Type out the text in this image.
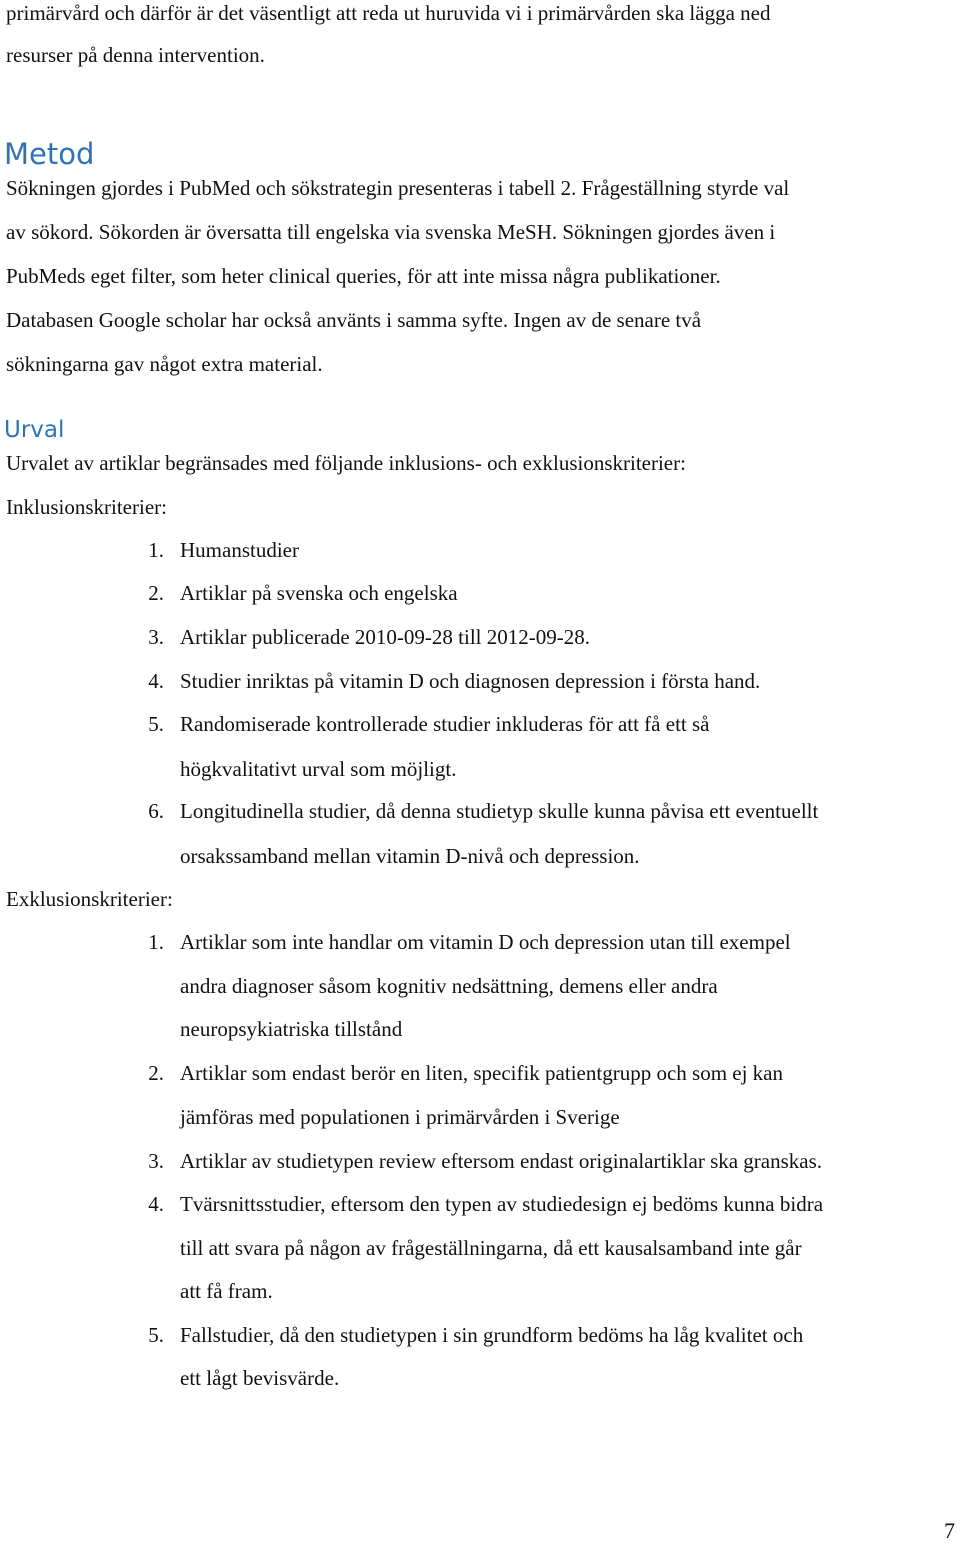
primärvård och därför är det väsentligt att reda ut huruvida vi i primärvården ska lägga ned
resurser på denna intervention.
Metod
Sökningen gjordes i PubMed och sökstrategin presenteras i tabell 2. Frågeställning styrde val
av sökord. Sökorden är översatta till engelska via svenska MeSH. Sökningen gjordes även i
PubMeds eget filter, som heter clinical queries, för att inte missa några publikationer.
Databasen Google scholar har också använts i samma syfte. Ingen av de senare två
sökningarna gav något extra material.
Urval
Urvalet av artiklar begränsades med följande inklusions- och exklusionskriterier:
Inklusionskriterier:
1. Humanstudier
2. Artiklar på svenska och engelska
3. Artiklar publicerade 2010-09-28 till 2012-09-28.
4. Studier inriktas på vitamin D och diagnosen depression i första hand.
5. Randomiserade kontrollerade studier inkluderas för att få ett så
högkvalitativt urval som möjligt.
6. Longitudinella studier, då denna studietyp skulle kunna påvisa ett eventuellt
orsakssamband mellan vitamin D-nivå och depression.
Exklusionskriterier:
1. Artiklar som inte handlar om vitamin D och depression utan till exempel
andra diagnoser såsom kognitiv nedsättning, demens eller andra
neuropsykiatriska tillstånd
2. Artiklar som endast berör en liten, specifik patientgrupp och som ej kan
jämföras med populationen i primärvården i Sverige
3. Artiklar av studietypen review eftersom endast originalartiklar ska granskas.
4. Tvärsnittsstudier, eftersom den typen av studiedesign ej bedöms kunna bidra
till att svara på någon av frågeställningarna, då ett kausalsamband inte går
att få fram.
5. Fallstudier, då den studietypen i sin grundform bedöms ha låg kvalitet och
ett lågt bevisvärde.
7
